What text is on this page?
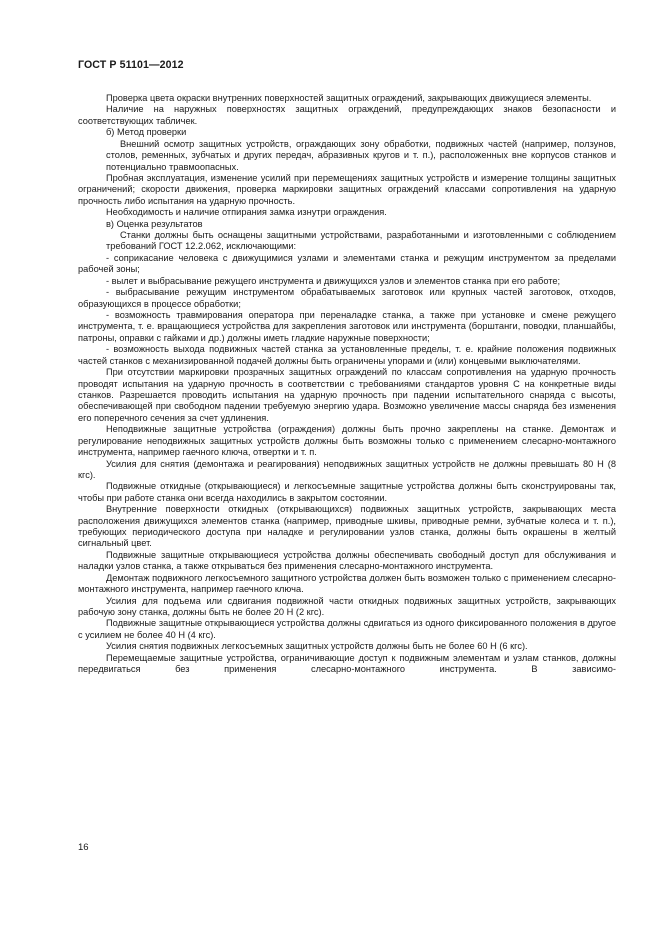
ГОСТ Р 51101—2012

Проверка цвета окраски внутренних поверхностей защитных ограждений, закрывающих движущиеся элементы.

Наличие на наружных поверхностях защитных ограждений, предупреждающих знаков безопасности и соответствующих табличек.

б) Метод проверки

Внешний осмотр защитных устройств, ограждающих зону обработки, подвижных частей (например, ползунов, столов, ременных, зубчатых и других передач, абразивных кругов и т. п.), расположенных вне корпусов станков и потенциально травмоопасных.

Пробная эксплуатация, изменение усилий при перемещениях защитных устройств и измерение толщины защитных ограничений; скорости движения, проверка маркировки защитных ограждений классами сопротивления на ударную прочность либо испытания на ударную прочность.

Необходимость и наличие отпирания замка изнутри ограждения.

в) Оценка результатов

Станки должны быть оснащены защитными устройствами, разработанными и изготовленными с соблюдением требований ГОСТ 12.2.062, исключающими:

- соприкасание человека с движущимися узлами и элементами станка и режущим инструментом за пределами рабочей зоны;

- вылет и выбрасывание режущего инструмента и движущихся узлов и элементов станка при его работе;

- выбрасывание режущим инструментом обрабатываемых заготовок или крупных частей заготовок, отходов, образующихся в процессе обработки;

- возможность травмирования оператора при переналадке станка, а также при установке и смене режущего инструмента, т. е. вращающиеся устройства для закрепления заготовок или инструмента (борштанги, поводки, планшайбы, патроны, оправки с гайками и др.) должны иметь гладкие наружные поверхности;

- возможность выхода подвижных частей станка за установленные пределы, т. е. крайние положения подвижных частей станков с механизированной подачей должны быть ограничены упорами и (или) концевыми выключателями.

При отсутствии маркировки прозрачных защитных ограждений по классам сопротивления на ударную прочность проводят испытания на ударную прочность в соответствии с требованиями стандартов уровня С на конкретные виды станков. Разрешается проводить испытания на ударную прочность при падении испытательного снаряда с высоты, обеспечивающей при свободном падении требуемую энергию удара. Возможно увеличение массы снаряда без изменения его поперечного сечения за счет удлинения.

Неподвижные защитные устройства (ограждения) должны быть прочно закреплены на станке. Демонтаж и регулирование неподвижных защитных устройств должны быть возможны только с применением слесарно-монтажного инструмента, например гаечного ключа, отвертки и т. п.

Усилия для снятия (демонтажа и реагирования) неподвижных защитных устройств не должны превышать 80 Н (8 кгс).

Подвижные откидные (открывающиеся) и легкосъемные защитные устройства должны быть сконструированы так, чтобы при работе станка они всегда находились в закрытом состоянии.

Внутренние поверхности откидных (открывающихся) подвижных защитных устройств, закрывающих места расположения движущихся элементов станка (например, приводные шкивы, приводные ремни, зубчатые колеса и т. п.), требующих периодического доступа при наладке и регулировании узлов станка, должны быть окрашены в желтый сигнальный цвет.

Подвижные защитные открывающиеся устройства должны обеспечивать свободный доступ для обслуживания и наладки узлов станка, а также открываться без применения слесарно-монтажного инструмента.

Демонтаж подвижного легкосъемного защитного устройства должен быть возможен только с применением слесарно-монтажного инструмента, например гаечного ключа.

Усилия для подъема или сдвигания подвижной части откидных подвижных защитных устройств, закрывающих рабочую зону станка, должны быть не более 20 Н (2 кгс).

Подвижные защитные открывающиеся устройства должны сдвигаться из одного фиксированного положения в другое с усилием не более 40 Н (4 кгс).

Усилия снятия подвижных легкосъемных защитных устройств должны быть не более 60 Н (6 кгс).

Перемещаемые защитные устройства, ограничивающие доступ к подвижным элементам и узлам станков, должны передвигаться без применения слесарно-монтажного инструмента. В зависимо-

16
